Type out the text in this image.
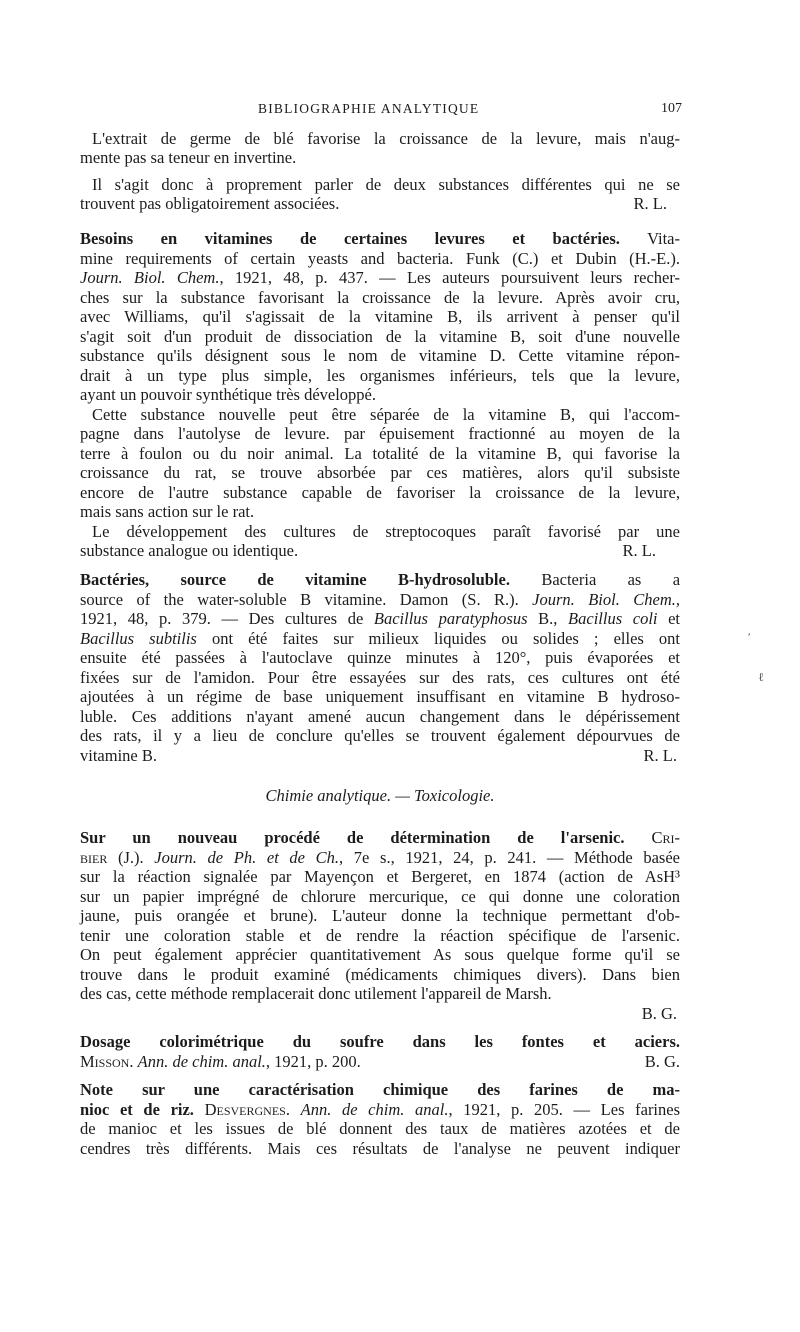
BIBLIOGRAPHIE ANALYTIQUE	107
L'extrait de germe de blé favorise la croissance de la levure, mais n'aug-
mente pas sa teneur en invertine.
Il s'agit donc à proprement parler de deux substances différentes qui ne se
trouvent pas obligatoirement associées.	R. L.
Besoins en vitamines de certaines levures et bactéries. Vita-
mine requirements of certain yeasts and bacteria. Funk (C.) et Dubin (H.-E.).
Journ. Biol. Chem., 1921, 48, p. 437. — Les auteurs poursuivent leurs recher-
ches sur la substance favorisant la croissance de la levure. Après avoir cru,
avec Williams, qu'il s'agissait de la vitamine B, ils arrivent à penser qu'il
s'agit soit d'un produit de dissociation de la vitamine B, soit d'une nouvelle
substance qu'ils désignent sous le nom de vitamine D. Cette vitamine répon-
drait à un type plus simple, les organismes inférieurs, tels que la levure,
ayant un pouvoir synthétique très développé.
Cette substance nouvelle peut être séparée de la vitamine B, qui l'accom-
pagne dans l'autolyse de levure. par épuisement fractionné au moyen de la
terre à foulon ou du noir animal. La totalité de la vitamine B, qui favorise la
croissance du rat, se trouve absorbée par ces matières, alors qu'il subsiste
encore de l'autre substance capable de favoriser la croissance de la levure,
mais sans action sur le rat.
Le développement des cultures de streptocoques paraît favorisé par une
substance analogue ou identique.	R. L.
Bactéries, source de vitamine B-hydrosoluble. Bacteria as a
source of the water-soluble B vitamine. Damon (S. R.). Journ. Biol. Chem.,
1921, 48, p. 379. — Des cultures de Bacillus paratyphosus B., Bacillus coli et
Bacillus subtilis ont été faites sur milieux liquides ou solides ; elles ont
ensuite été passées à l'autoclave quinze minutes à 120°, puis évaporées et
fixées sur de l'amidon. Pour être essayées sur des rats, ces cultures ont été
ajoutées à un régime de base uniquement insuffisant en vitamine B hydroso-
luble. Ces additions n'ayant amené aucun changement dans le dépérissement
des rats, il y a lieu de conclure qu'elles se trouvent également dépourvues de
vitamine B.	R. L.
Chimie analytique. — Toxicologie.
Sur un nouveau procédé de détermination de l'arsenic. Cri-
bier (J.). Journ. de Ph. et de Ch., 7e s., 1921, 24, p. 241. — Méthode basée
sur la réaction signalée par Mayençon et Bergeret, en 1874 (action de AsH³
sur un papier imprégné de chlorure mercurique, ce qui donne une coloration
jaune, puis orangée et brune). L'auteur donne la technique permettant d'ob-
tenir une coloration stable et de rendre la réaction spécifique de l'arsenic.
On peut également apprécier quantitativement As sous quelque forme qu'il se
trouve dans le produit examiné (médicaments chimiques divers). Dans bien
des cas, cette méthode remplacerait donc utilement l'appareil de Marsh.
B. G.
Dosage colorimétrique du soufre dans les fontes et aciers.
Misson. Ann. de chim. anal., 1921, p. 200.	B. G.
Note sur une caractérisation chimique des farines de ma-
nioc et de riz. Desvergnes. Ann. de chim. anal., 1921, p. 205. — Les farines
de manioc et les issues de blé donnent des taux de matières azotées et de
cendres très différents. Mais ces résultats de l'analyse ne peuvent indiquer
ʹ
ℓ
